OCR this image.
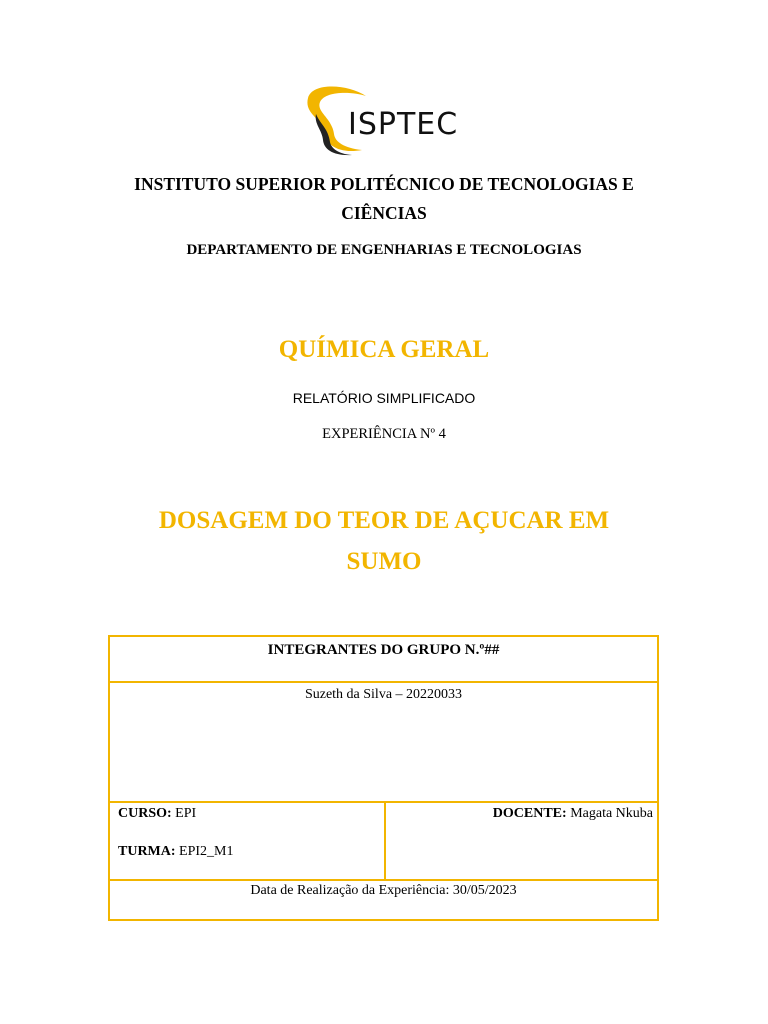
ISPTEC
INSTITUTO SUPERIOR POLITÉCNICO DE TECNOLOGIAS E
CIÊNCIAS
DEPARTAMENTO DE ENGENHARIAS E TECNOLOGIAS
QUÍMICA GERAL
RELATÓRIO SIMPLIFICADO
EXPERIÊNCIA Nº 4
DOSAGEM DO TEOR DE AÇUCAR EM
SUMO
INTEGRANTES DO GRUPO N.º##
Suzeth da Silva – 20220033
CURSO: EPI
TURMA: EPI2_M1
DOCENTE: Magata Nkuba
Data de Realização da Experiência: 30/05/2023
